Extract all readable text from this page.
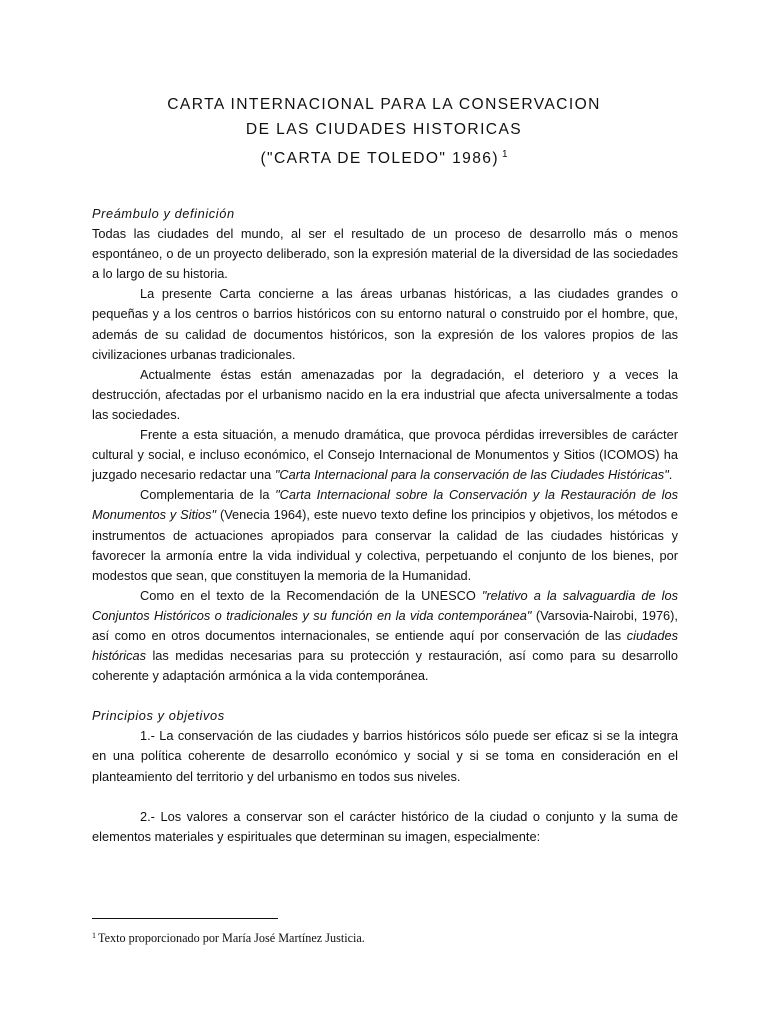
CARTA INTERNACIONAL PARA LA CONSERVACION
DE LAS CIUDADES HISTORICAS
("CARTA DE TOLEDO" 1986) $^1$

Preámbulo y definición

Todas las ciudades del mundo, al ser el resultado de un proceso de desarrollo más o menos espontáneo, o de un proyecto deliberado, son la expresión material de la diversidad de las sociedades a lo largo de su historia.

La presente Carta concierne a las áreas urbanas históricas, a las ciudades grandes o pequeñas y a los centros o barrios históricos con su entorno natural o construido por el hombre, que, además de su calidad de documentos históricos, son la expresión de los valores propios de las civilizaciones urbanas tradicionales.

Actualmente éstas están amenazadas por la degradación, el deterioro y a veces la destrucción, afectadas por el urbanismo nacido en la era industrial que afecta universalmente a todas las sociedades.

Frente a esta situación, a menudo dramática, que provoca pérdidas irreversibles de carácter cultural y social, e incluso económico, el Consejo Internacional de Monumentos y Sitios (ICOMOS) ha juzgado necesario redactar una "Carta Internacional para la conservación de las Ciudades Históricas".

Complementaria de la "Carta Internacional sobre la Conservación y la Restauración de los Monumentos y Sitios" (Venecia 1964), este nuevo texto define los principios y objetivos, los métodos e instrumentos de actuaciones apropiados para conservar la calidad de las ciudades históricas y favorecer la armonía entre la vida individual y colectiva, perpetuando el conjunto de los bienes, por modestos que sean, que constituyen la memoria de la Humanidad.

Como en el texto de la Recomendación de la UNESCO "relativo a la salvaguardia de los Conjuntos Históricos o tradicionales y su función en la vida contemporánea" (Varsovia-Nairobi, 1976), así como en otros documentos internacionales, se entiende aquí por conservación de las ciudades históricas las medidas necesarias para su protección y restauración, así como para su desarrollo coherente y adaptación armónica a la vida contemporánea.

Principios y objetivos

1.- La conservación de las ciudades y barrios históricos sólo puede ser eficaz si se la integra en una política coherente de desarrollo económico y social y si se toma en consideración en el planteamiento del territorio y del urbanismo en todos sus niveles.

2.- Los valores a conservar son el carácter histórico de la ciudad o conjunto y la suma de elementos materiales y espirituales que determinan su imagen, especialmente:

$^1$ Texto proporcionado por María José Martínez Justicia.
